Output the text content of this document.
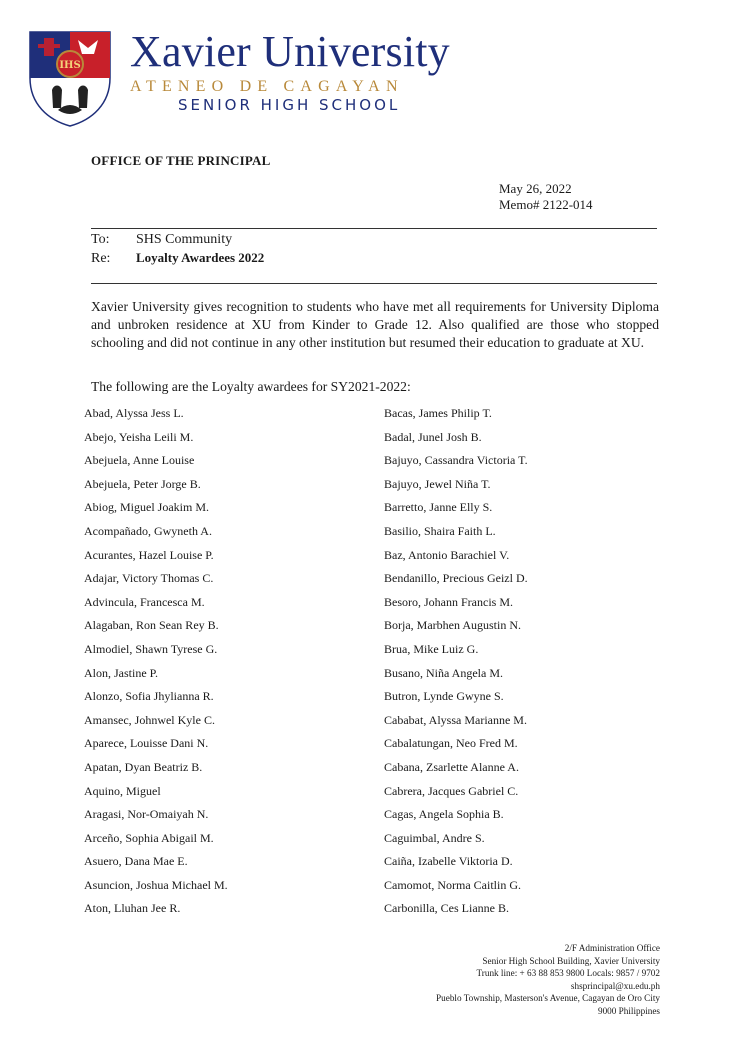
IHS Xavier University
ATENEO DE CAGAYAN
SENIOR HIGH SCHOOL
OFFICE OF THE PRINCIPAL
May 26, 2022
Memo# 2122-014
To: SHS Community
Re: Loyalty Awardees 2022
Xavier University gives recognition to students who have met all requirements for University Diploma and unbroken residence at XU from Kinder to Grade 12. Also qualified are those who stopped schooling and did not continue in any other institution but resumed their education to graduate at XU.
The following are the Loyalty awardees for SY2021-2022:
Abad, Alyssa Jess L.
Abejo, Yeisha Leili M.
Abejuela, Anne Louise
Abejuela, Peter Jorge B.
Abiog, Miguel Joakim M.
Acompañado, Gwyneth A.
Acurantes, Hazel Louise P.
Adajar, Victory Thomas C.
Advincula, Francesca M.
Alagaban, Ron Sean Rey B.
Almodiel, Shawn Tyrese G.
Alon, Jastine P.
Alonzo, Sofia Jhylianna R.
Amansec, Johnwel Kyle C.
Aparece, Louisse Dani N.
Apatan, Dyan Beatriz B.
Aquino, Miguel
Aragasi, Nor-Omaiyah N.
Arceño, Sophia Abigail M.
Asuero, Dana Mae E.
Asuncion, Joshua Michael M.
Aton, Lluhan Jee R.
Bacas, James Philip T.
Badal, Junel Josh B.
Bajuyo, Cassandra Victoria T.
Bajuyo, Jewel Niña T.
Barretto, Janne Elly S.
Basilio, Shaira Faith L.
Baz, Antonio Barachiel V.
Bendanillo, Precious Geizl D.
Besoro, Johann Francis M.
Borja, Marbhen Augustin N.
Brua, Mike Luiz G.
Busano, Niña Angela M.
Butron, Lynde Gwyne S.
Cababat, Alyssa Marianne M.
Cabalatungan, Neo Fred M.
Cabana, Zsarlette Alanne A.
Cabrera, Jacques Gabriel C.
Cagas, Angela Sophia B.
Caguimbal, Andre S.
Caiña, Izabelle Viktoria D.
Camomot, Norma Caitlin G.
Carbonilla, Ces Lianne B.
2/F Administration Office
Senior High School Building, Xavier University
Trunk line: + 63 88 853 9800 Locals: 9857 / 9702
shsprincipal@xu.edu.ph
Pueblo Township, Masterson's Avenue, Cagayan de Oro City
9000 Philippines
